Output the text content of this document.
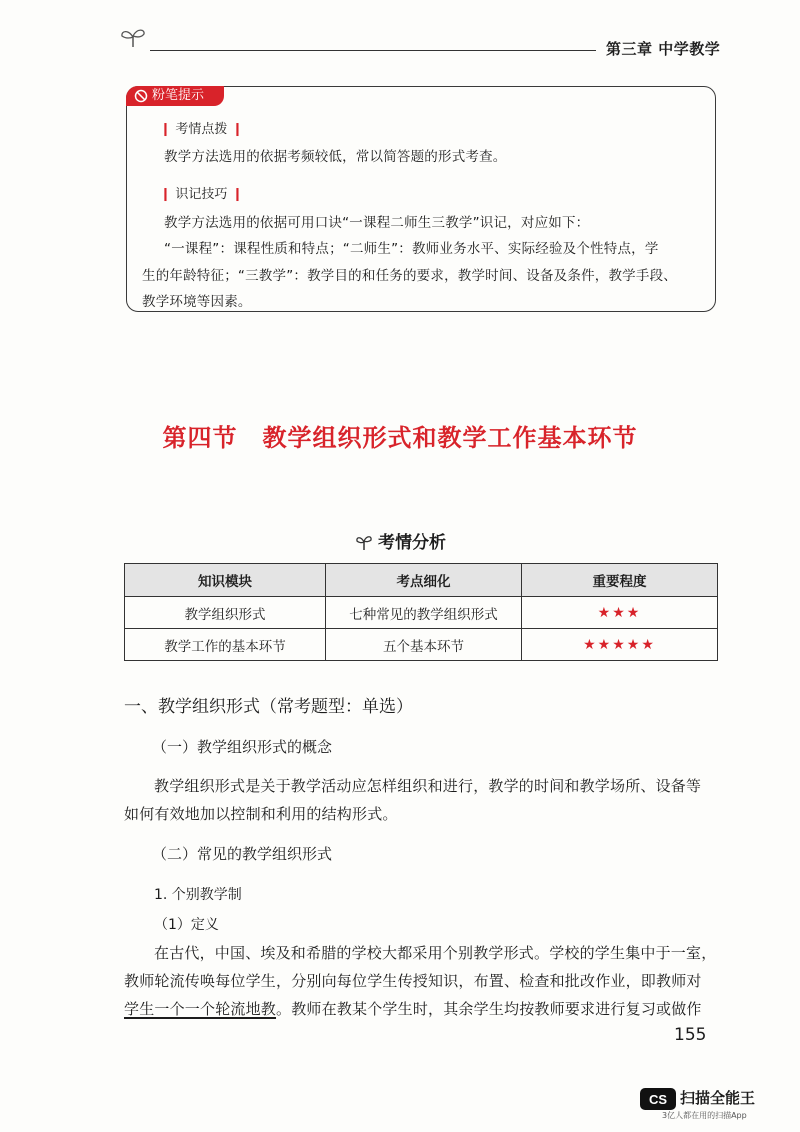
第三章 中学教学
粉笔提示
❙ 考情点拨 ❙
教学方法选用的依据考频较低，常以简答题的形式考查。
❙ 识记技巧 ❙
教学方法选用的依据可用口诀“一课程二师生三教学”识记，对应如下：
“一课程”：课程性质和特点；“二师生”：教师业务水平、实际经验及个性特点，学
生的年龄特征；“三教学”：教学目的和任务的要求，教学时间、设备及条件，教学手段、
教学环境等因素。
第四节　教学组织形式和教学工作基本环节
考情分析
知识模块	考点细化	重要程度
教学组织形式	七种常见的教学组织形式	★★★
教学工作的基本环节	五个基本环节	★★★★★
一、教学组织形式（常考题型：单选）
（一）教学组织形式的概念
教学组织形式是关于教学活动应怎样组织和进行，教学的时间和教学场所、设备等
如何有效地加以控制和利用的结构形式。
（二）常见的教学组织形式
1. 个别教学制
（1）定义
在古代，中国、埃及和希腊的学校大都采用个别教学形式。学校的学生集中于一室，
教师轮流传唤每位学生，分别向每位学生传授知识，布置、检查和批改作业，即教师对
学生一个一个轮流地教。教师在教某个学生时，其余学生均按教师要求进行复习或做作
155
CS 扫描全能王
3亿人都在用的扫描App
